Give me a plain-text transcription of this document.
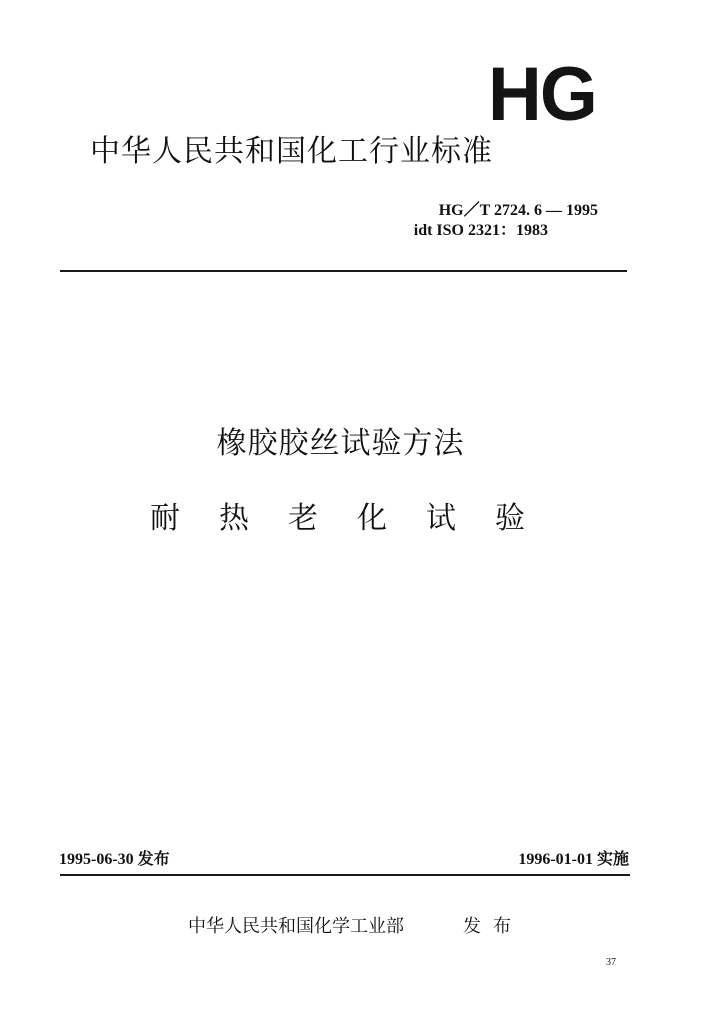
HG
中华人民共和国化工行业标准
HG／T 2724. 6 — 1995
idt ISO 2321：1983
橡胶胶丝试验方法
耐热老化试验
1995-06-30 发布	1996-01-01 实施
中华人民共和国化学工业部	发布
37
